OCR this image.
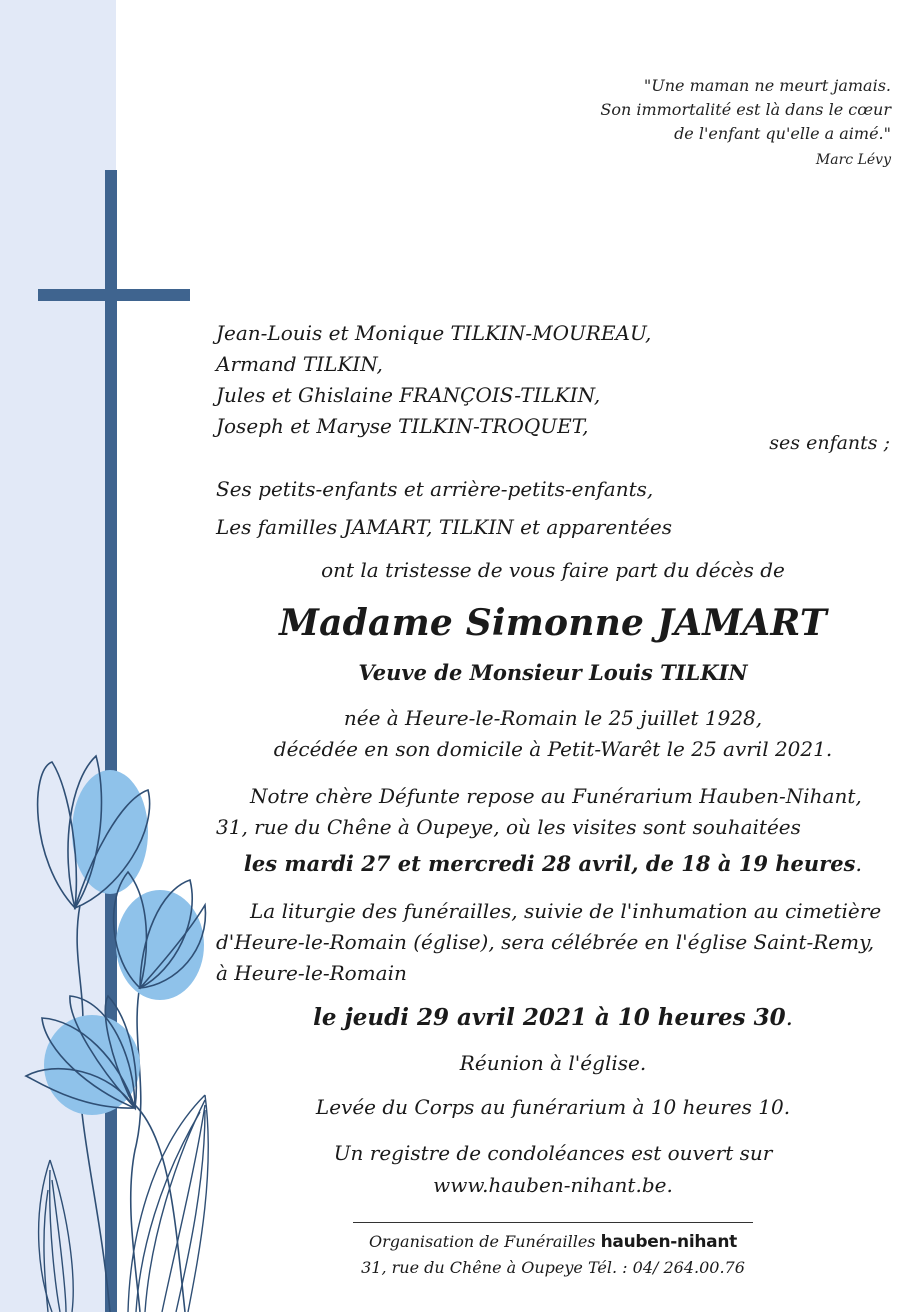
"Une maman ne meurt jamais.
Son immortalité est là dans le cœur
de l'enfant qu'elle a aimé."
Marc Lévy
Jean-Louis et Monique TILKIN-MOUREAU,
Armand TILKIN,
Jules et Ghislaine FRANÇOIS-TILKIN,
Joseph et Maryse TILKIN-TROQUET,
ses enfants ;
Ses petits-enfants et arrière-petits-enfants,
Les familles JAMART, TILKIN et apparentées
ont la tristesse de vous faire part du décès de
Madame Simonne JAMART
Veuve de Monsieur Louis TILKIN
née à Heure-le-Romain le 25 juillet 1928,
décédée en son domicile à Petit-Warêt le 25 avril 2021.
Notre chère Défunte repose au Funérarium Hauben-Nihant,
31, rue du Chêne à Oupeye, où les visites sont souhaitées
les mardi 27 et mercredi 28 avril, de 18 à 19 heures.
La liturgie des funérailles, suivie de l'inhumation au cimetière
d'Heure-le-Romain (église), sera célébrée en l'église Saint-Remy,
à Heure-le-Romain
le jeudi 29 avril 2021 à 10 heures 30.
Réunion à l'église.
Levée du Corps au funérarium à 10 heures 10.
Un registre de condoléances est ouvert sur
www.hauben-nihant.be.
Organisation de Funérailles hauben-nihant
31, rue du Chêne à Oupeye Tél. : 04/ 264.00.76
